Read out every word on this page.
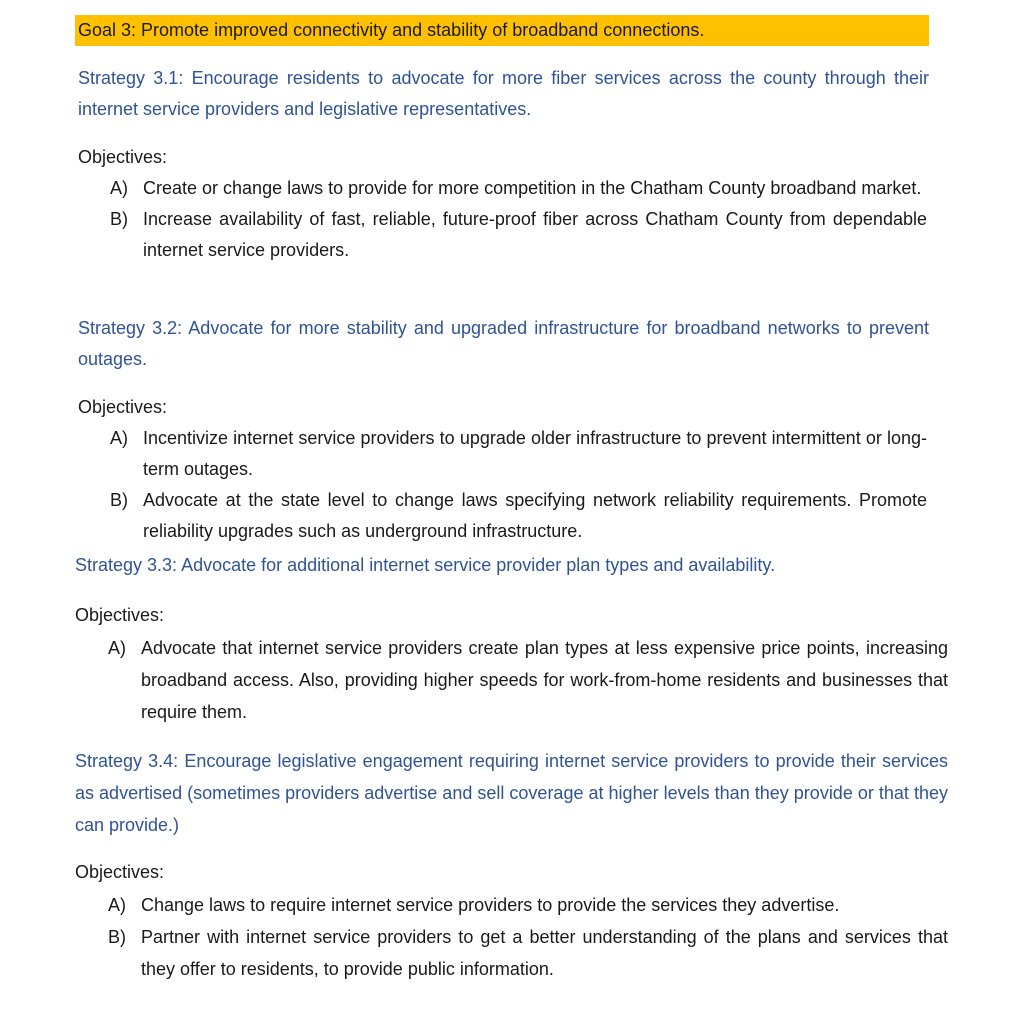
Goal 3: Promote improved connectivity and stability of broadband connections.

Strategy 3.1: Encourage residents to advocate for more fiber services across the county through their internet service providers and legislative representatives.

Objectives:

A) Create or change laws to provide for more competition in the Chatham County broadband market.
B) Increase availability of fast, reliable, future-proof fiber across Chatham County from dependable internet service providers.

Strategy 3.2: Advocate for more stability and upgraded infrastructure for broadband networks to prevent outages.

Objectives:

A) Incentivize internet service providers to upgrade older infrastructure to prevent intermittent or long-term outages.
B) Advocate at the state level to change laws specifying network reliability requirements. Promote reliability upgrades such as underground infrastructure.

Strategy 3.3: Advocate for additional internet service provider plan types and availability.

Objectives:

A) Advocate that internet service providers create plan types at less expensive price points, increasing broadband access. Also, providing higher speeds for work-from-home residents and businesses that require them.

Strategy 3.4: Encourage legislative engagement requiring internet service providers to provide their services as advertised (sometimes providers advertise and sell coverage at higher levels than they provide or that they can provide.)

Objectives:

A) Change laws to require internet service providers to provide the services they advertise.
B) Partner with internet service providers to get a better understanding of the plans and services that they offer to residents, to provide public information.
